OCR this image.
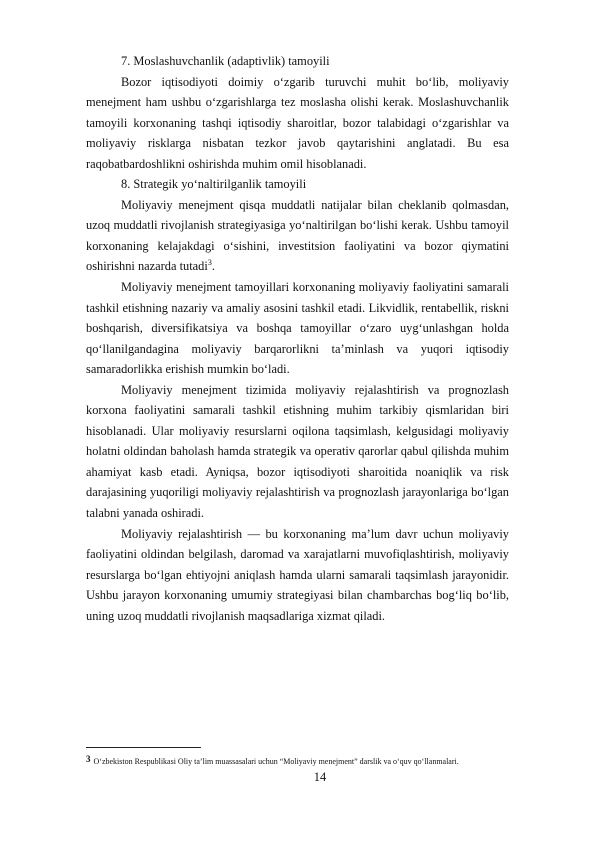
7. Moslashuvchanlik (adaptivlik) tamoyili

Bozor iqtisodiyoti doimiy o‘zgarib turuvchi muhit bo‘lib, moliyaviy menejment ham ushbu o‘zgarishlarga tez moslasha olishi kerak. Moslashuvchanlik tamoyili korxonaning tashqi iqtisodiy sharoitlar, bozor talabidagi o‘zgarishlar va moliyaviy risklarga nisbatan tezkor javob qaytarishini anglatadi. Bu esa raqobatbardoshlikni oshirishda muhim omil hisoblanadi.

8. Strategik yo‘naltirilganlik tamoyili

Moliyaviy menejment qisqa muddatli natijalar bilan cheklanib qolmasdan, uzoq muddatli rivojlanish strategiyasiga yo‘naltirilgan bo‘lishi kerak. Ushbu tamoyil korxonaning kelajakdagi o‘sishini, investitsion faoliyatini va bozor qiymatini oshirishni nazarda tutadi$^3$.

Moliyaviy menejment tamoyillari korxonaning moliyaviy faoliyatini samarali tashkil etishning nazariy va amaliy asosini tashkil etadi. Likvidlik, rentabellik, riskni boshqarish, diversifikatsiya va boshqa tamoyillar o‘zaro uyg‘unlashgan holda qo‘llanilgandagina moliyaviy barqarorlikni ta’minlash va yuqori iqtisodiy samaradorlikka erishish mumkin bo‘ladi.

Moliyaviy menejment tizimida moliyaviy rejalashtirish va prognozlash korxona faoliyatini samarali tashkil etishning muhim tarkibiy qismlaridan biri hisoblanadi. Ular moliyaviy resurslarni oqilona taqsimlash, kelgusidagi moliyaviy holatni oldindan baholash hamda strategik va operativ qarorlar qabul qilishda muhim ahamiyat kasb etadi. Ayniqsa, bozor iqtisodiyoti sharoitida noaniqlik va risk darajasining yuqoriligi moliyaviy rejalashtirish va prognozlash jarayonlariga bo‘lgan talabni yanada oshiradi.

Moliyaviy rejalashtirish — bu korxonaning ma’lum davr uchun moliyaviy faoliyatini oldindan belgilash, daromad va xarajatlarni muvofiqlashtirish, moliyaviy resurslarga bo‘lgan ehtiyojni aniqlash hamda ularni samarali taqsimlash jarayonidir. Ushbu jarayon korxonaning umumiy strategiyasi bilan chambarchas bog‘liq bo‘lib, uning uzoq muddatli rivojlanish maqsadlariga xizmat qiladi.

3 O‘zbekiston Respublikasi Oliy ta’lim muassasalari uchun “Moliyaviy menejment” darslik va o‘quv qo‘llanmalari.
14
